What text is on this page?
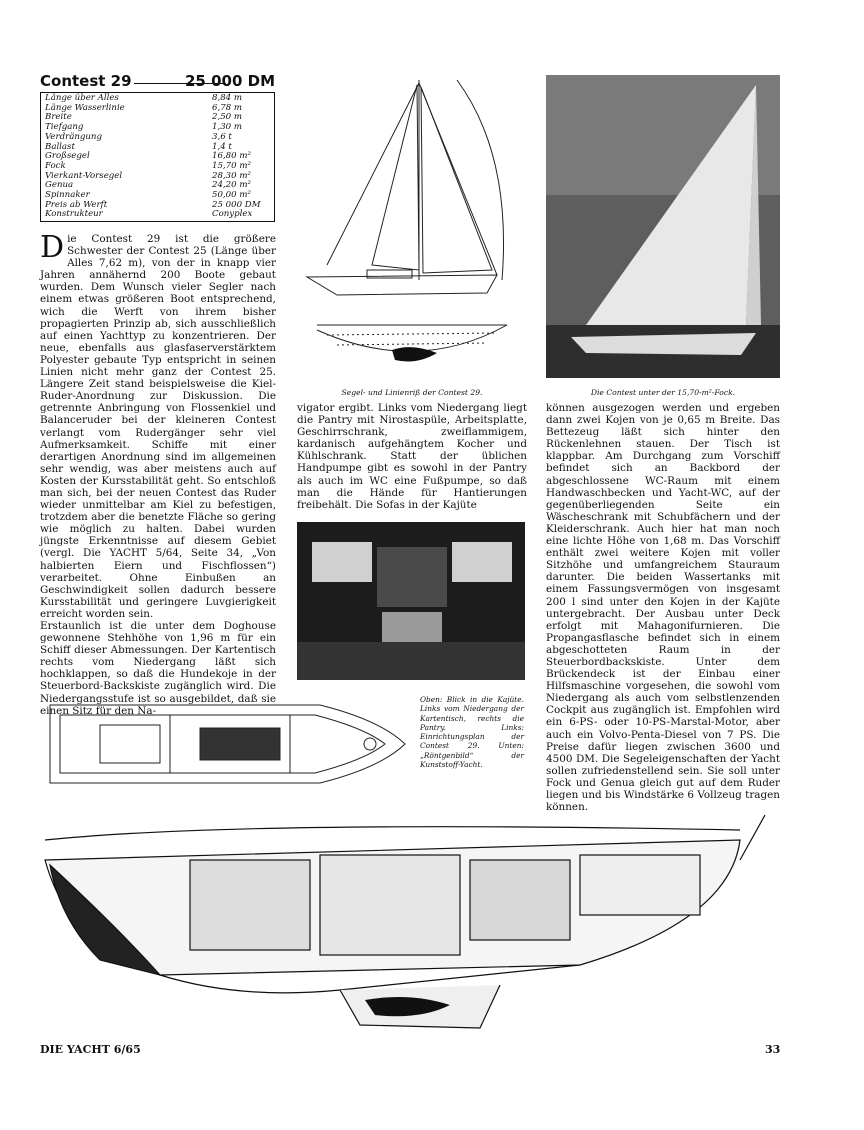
Contest 29	25 000 DM
Länge über Alles	8,84 m
Länge Wasserlinie	6,78 m
Breite	2,50 m
Tiefgang	1,30 m
Verdrängung	3,6 t
Ballast	1,4 t
Großsegel	16,80 m²
Fock	15,70 m²
Vierkant-Vorsegel	28,30 m²
Genua	24,20 m²
Spinnaker	50,00 m²
Preis ab Werft	25 000 DM
Konstrukteur	Conyplex

Die Contest 29 ist die größere Schwester der Contest 25 (Länge über Alles 7,62 m), von der in knapp vier Jahren annähernd 200 Boote gebaut wurden. Dem Wunsch vieler Segler nach einem etwas größeren Boot entsprechend, wich die Werft von ihrem bisher propagierten Prinzip ab, sich ausschließlich auf einen Yachttyp zu konzentrieren. Der neue, ebenfalls aus glasfaserverstärktem Polyester gebaute Typ entspricht in seinen Linien nicht mehr ganz der Contest 25. Längere Zeit stand beispielsweise die Kiel-Ruder-Anordnung zur Diskussion. Die getrennte Anbringung von Flossenkiel und Balanceruder bei der kleineren Contest verlangt vom Rudergänger sehr viel Aufmerksamkeit. Schiffe mit einer derartigen Anordnung sind im allgemeinen sehr wendig, was aber meistens auch auf Kosten der Kursstabilität geht. So entschloß man sich, bei der neuen Contest das Ruder wieder unmittelbar am Kiel zu befestigen, trotzdem aber die benetzte Fläche so gering wie möglich zu halten. Dabei wurden jüngste Erkenntnisse auf diesem Gebiet (vergl. Die YACHT 5/64, Seite 34, „Von halbierten Eiern und Fischflossen“) verarbeitet. Ohne Einbußen an Geschwindigkeit sollen dadurch bessere Kursstabilität und geringere Luvgierigkeit erreicht worden sein.

Erstaunlich ist die unter dem Doghouse gewonnene Stehhöhe von 1,96 m für ein Schiff dieser Abmessungen. Der Kartentisch rechts vom Niedergang läßt sich hochklappen, so daß die Hundekoje in der Steuerbord-Backskiste zugänglich wird. Die Niedergangsstufe ist so ausgebildet, daß sie einen Sitz für den Na-

vigator ergibt. Links vom Niedergang liegt die Pantry mit Nirostaspüle, Arbeitsplatte, Geschirrschrank, zweiflammigem, kardanisch aufgehängtem Kocher und Kühlschrank. Statt der üblichen Handpumpe gibt es sowohl in der Pantry als auch im WC eine Fußpumpe, so daß man die Hände für Hantierungen freibehält. Die Sofas in der Kajüte

können ausgezogen werden und ergeben dann zwei Kojen von je 0,65 m Breite. Das Bettezeug läßt sich hinter den Rückenlehnen stauen. Der Tisch ist klappbar. Am Durchgang zum Vorschiff befindet sich an Backbord der abgeschlossene WC-Raum mit einem Handwaschbecken und Yacht-WC, auf der gegenüberliegenden Seite ein Wäscheschrank mit Schubfächern und der Kleiderschrank. Auch hier hat man noch eine lichte Höhe von 1,68 m. Das Vorschiff enthält zwei weitere Kojen mit voller Sitzhöhe und umfangreichem Stauraum darunter. Die beiden Wassertanks mit einem Fassungsvermögen von insgesamt 200 l sind unter den Kojen in der Kajüte untergebracht. Der Ausbau unter Deck erfolgt mit Mahagonifurnieren. Die Propangasflasche befindet sich in einem abgeschotteten Raum in der Steuerbordbackskiste. Unter dem Brückendeck ist der Einbau einer Hilfsmaschine vorgesehen, die sowohl vom Niedergang als auch vom selbstlenzenden Cockpit aus zugänglich ist. Empfohlen wird ein 6-PS- oder 10-PS-Marstal-Motor, aber auch ein Volvo-Penta-Diesel von 7 PS. Die Preise dafür liegen zwischen 3600 und 4500 DM. Die Segeleigenschaften der Yacht sollen zufriedenstellend sein. Sie soll unter Fock und Genua gleich gut auf dem Ruder liegen und bis Windstärke 6 Vollzeug tragen können.

Segel- und Linienriß der Contest 29.	Die Contest unter der 15,70-m²-Fock.
Oben: Blick in die Kajüte. Links vom Niedergang der Kartentisch, rechts die Pantry. Links: Einrichtungsplan der Contest 29. Unten: „Röntgenbild“ der Kunststoff-Yacht.
DIE YACHT 6/65	33
